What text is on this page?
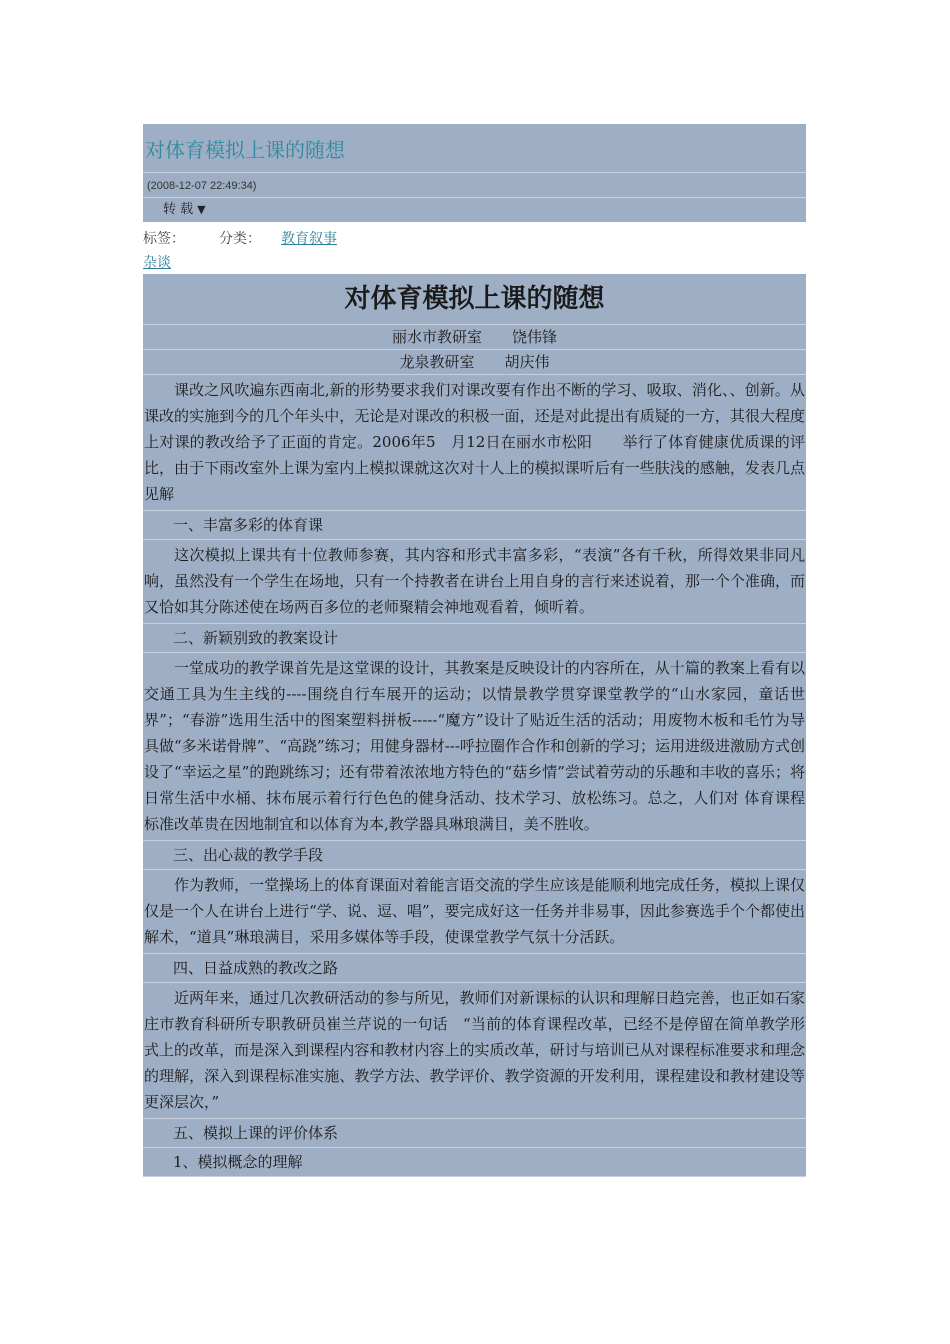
对体育模拟上课的随想
(2008-12-07 22:49:34)
转 载 ▼
标签： 分类： 教育叙事
杂谈
对体育模拟上课的随想
丽水市教研室　　饶伟锋
龙泉教研室　　胡庆伟
课改之风吹遍东西南北,新的形势要求我们对课改要有作出不断的学习、吸取、消化、、创新。从课改的实施到今的几个年头中，无论是对课改的积极一面，还是对此提出有质疑的一方，其很大程度上对课的教改给予了正面的肯定。2006年5　月12日在丽水市松阳　　举行了体育健康优质课的评比，由于下雨改室外上课为室内上模拟课就这次对十人上的模拟课听后有一些肤浅的感触，发表几点见解
一、丰富多彩的体育课
这次模拟上课共有十位教师参赛，其内容和形式丰富多彩，“表演”各有千秋，所得效果非同凡响，虽然没有一个学生在场地，只有一个持教者在讲台上用自身的言行来述说着，那一个个准确，而又恰如其分陈述使在场两百多位的老师聚精会神地观看着，倾听着。
二、新颖别致的教案设计
一堂成功的教学课首先是这堂课的设计，其教案是反映设计的内容所在，从十篇的教案上看有以交通工具为生主线的----围绕自行车展开的运动；以情景教学贯穿课堂教学的“山水家园，童话世界”；“春游”选用生活中的图案塑料拼板-----“魔方”设计了贴近生活的活动；用废物木板和毛竹为导具做“多米诺骨牌”、“高跷”练习；用健身器材---呼拉圈作合作和创新的学习；运用进级进激励方式创设了“幸运之星”的跑跳练习；还有带着浓浓地方特色的“菇乡情”尝试着劳动的乐趣和丰收的喜乐；将日常生活中水桶、抹布展示着行行色色的健身活动、技术学习、放松练习。总之，人们对 体育课程标准改革贵在因地制宜和以体育为本,教学器具琳琅满目，美不胜收。
三、出心裁的教学手段
作为教师，一堂操场上的体育课面对着能言语交流的学生应该是能顺利地完成任务，模拟上课仅仅是一个人在讲台上进行“学、说、逗、唱”，要完成好这一任务并非易事，因此参赛选手个个都使出解术，“道具”琳琅满目，采用多媒体等手段，使课堂教学气氛十分活跃。
四、日益成熟的教改之路
近两年来，通过几次教研活动的参与所见，教师们对新课标的认识和理解日趋完善，也正如石家庄市教育科研所专职教研员崔兰芹说的一句话　“当前的体育课程改革，已经不是停留在简单教学形式上的改革，而是深入到课程内容和教材内容上的实质改革，研讨与培训已从对课程标准要求和理念的理解，深入到课程标准实施、教学方法、教学评价、教学资源的开发利用，课程建设和教材建设等更深层次，”
五、模拟上课的评价体系
1、模拟概念的理解
